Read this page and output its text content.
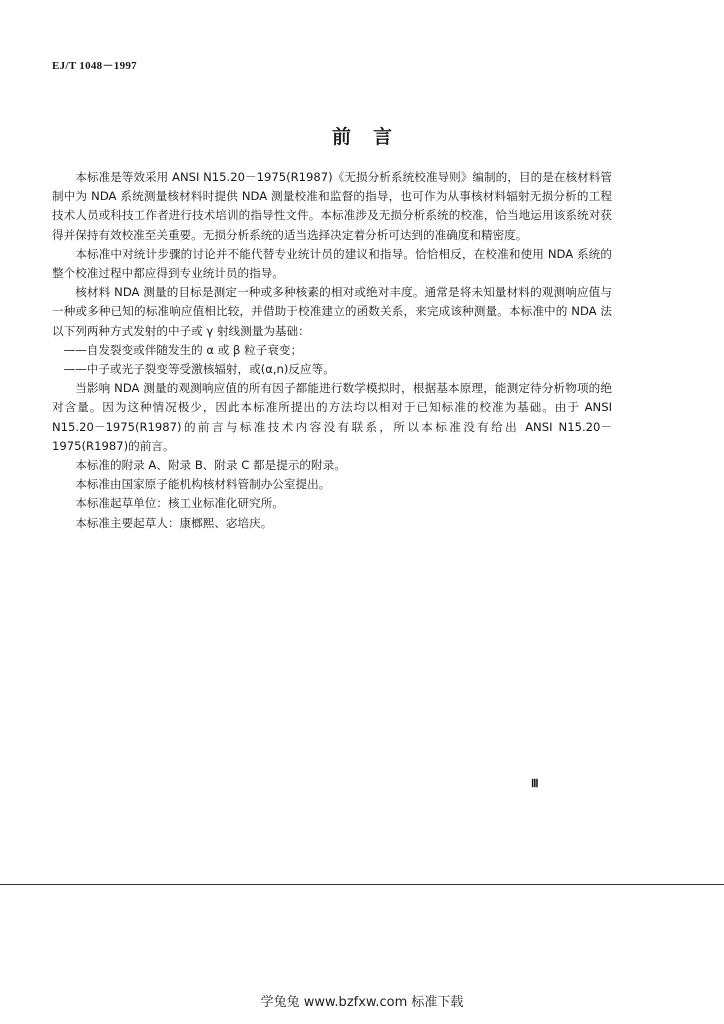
EJ/T 1048－1997
前言

本标准是等效采用 ANSI N15.20－1975(R1987)《无损分析系统校准导则》编制的，目的是在核材料管制中为 NDA 系统测量核材料时提供 NDA 测量校准和监督的指导，也可作为从事核材料辐射无损分析的工程技术人员或科技工作者进行技术培训的指导性文件。本标准涉及无损分析系统的校准，恰当地运用该系统对获得并保持有效校准至关重要。无损分析系统的适当选择决定着分析可达到的准确度和精密度。

本标准中对统计步骤的讨论并不能代替专业统计员的建议和指导。恰恰相反，在校准和使用 NDA 系统的整个校准过程中都应得到专业统计员的指导。

核材料 NDA 测量的目标是测定一种或多种核素的相对或绝对丰度。通常是将未知量材料的观测响应值与一种或多种已知的标准响应值相比较，并借助于校准建立的函数关系，来完成该种测量。本标准中的 NDA 法以下列两种方式发射的中子或 γ 射线测量为基础：

——自发裂变或伴随发生的 α 或 β 粒子衰变；

——中子或光子裂变等受激核辐射，或(α,n)反应等。

当影响 NDA 测量的观测响应值的所有因子都能进行数学模拟时，根据基本原理，能测定待分析物项的绝对含量。因为这种情况极少，因此本标准所提出的方法均以相对于已知标准的校准为基础。由于 ANSI N15.20－1975(R1987)的前言与标准技术内容没有联系，所以本标准没有给出 ANSI N15.20－1975(R1987)的前言。

本标准的附录 A、附录 B、附录 C 都是提示的附录。

本标准由国家原子能机构核材料管制办公室提出。

本标准起草单位：核工业标准化研究所。

本标准主要起草人：康榔熙、宓培庆。

Ⅲ
学兔兔 www.bzfxw.com 标准下载
